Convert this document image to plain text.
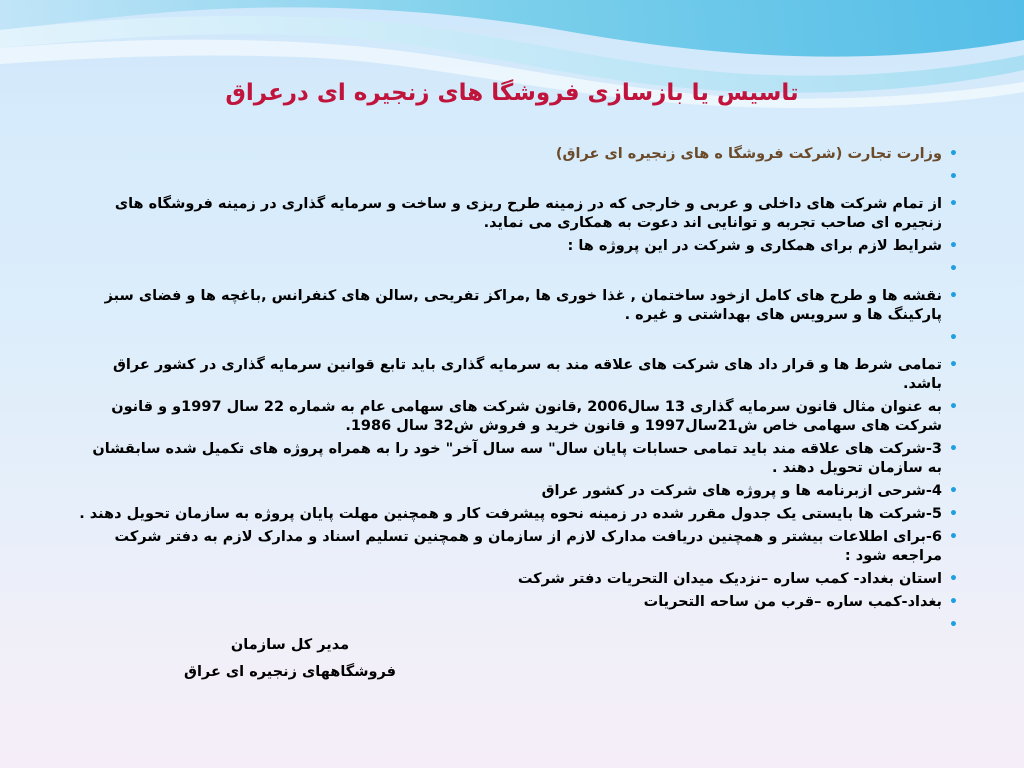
تاسیس یا بازسازی فروشگا های زنجیره ای درعراق
•
وزارت تجارت (شرکت فروشگا ه های زنجیره ای عراق)
•
•
از تمام شرکت های داخلی و عربی و خارجی که در زمینه طرح ریزی و ساخت و سرمایه گذاری در زمینه فروشگاه های زنجیره ای صاحب تجربه و توانایی اند دعوت به همکاری می نماید.
•
شرایط لازم برای همکاری و شرکت در این پروژه ها :
•
•
نقشه ها و طرح های کامل ازخود ساختمان , غذا خوری ها ,مراکز تفریحی ,سالن های کنفرانس ,باغچه ها و فضای سبز پارکینگ ها و سرویس های بهداشتی و غیره .
•
•
تمامی شرط ها و قرار داد های شرکت های علاقه مند به سرمایه گذاری باید تابع قوانین سرمایه گذاری در کشور عراق باشد.
•
به عنوان مثال قانون سرمایه گذاری 13 سال2006 ,قانون شرکت های سهامی عام به شماره 22 سال 1997و و قانون شرکت های سهامی خاص ش21سال1997 و قانون خرید و فروش ش32 سال 1986.
•
3-شرکت های علاقه مند باید تمامی حسابات پایان سال" سه سال آخر" خود را به همراه پروژه های تکمیل شده سابقشان به سازمان تحویل دهند .
•
4-شرحی ازبرنامه ها و پروژه های شرکت در کشور عراق
•
5-شرکت ها بایستی یک جدول مقرر شده در زمینه نحوه پیشرفت کار و همچنین مهلت پایان پروژه به سازمان تحویل دهند .
•
6-برای اطلاعات بیشتر و همچنین دریافت مدارک لازم از سازمان و همچنین تسلیم اسناد و مدارک لازم به دفتر شرکت مراجعه شود :
•
استان بغداد- کمب ساره –نزدیک میدان التحریات دفتر شرکت
•
بغداد-کمب ساره –قرب من ساحه التحریات
•
مدیر کل سازمان
فروشگاههای زنجیره ای عراق
